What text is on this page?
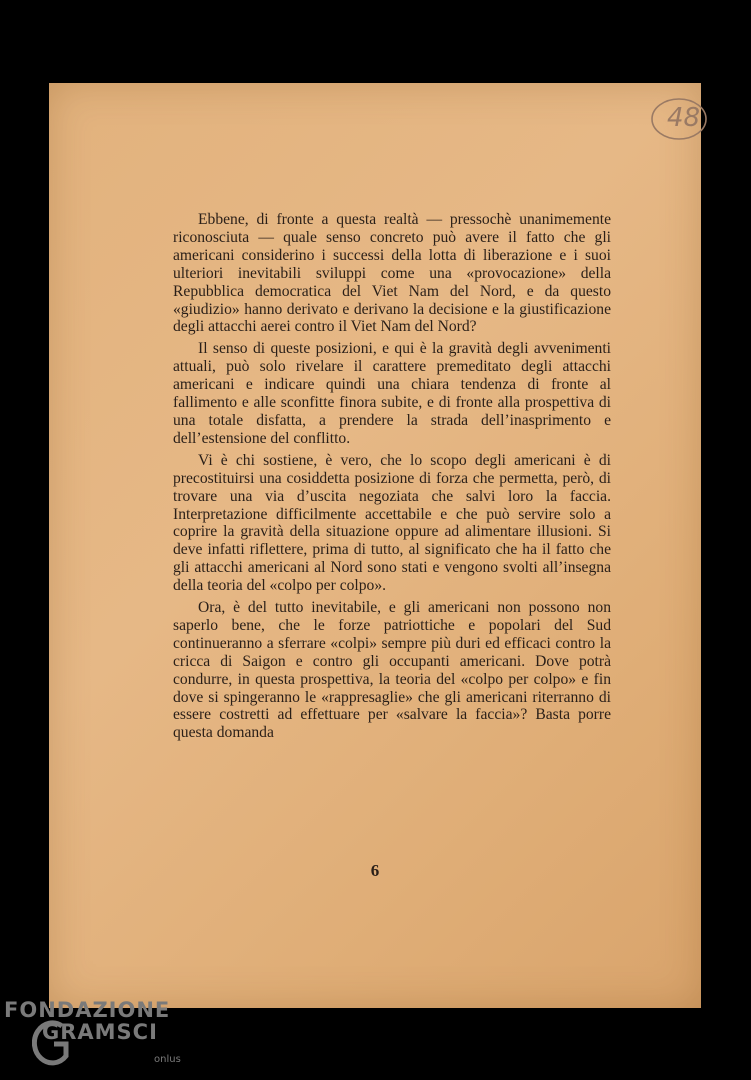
48

Ebbene, di fronte a questa realtà — pressochè unanimemente riconosciuta — quale senso concreto può avere il fatto che gli americani considerino i successi della lotta di liberazione e i suoi ulteriori inevitabili sviluppi come una «provocazione» della Repubblica democratica del Viet Nam del Nord, e da questo «giudizio» hanno derivato e derivano la decisione e la giustificazione degli attacchi aerei contro il Viet Nam del Nord?

Il senso di queste posizioni, e qui è la gravità degli avvenimenti attuali, può solo rivelare il carattere premeditato degli attacchi americani e indicare quindi una chiara tendenza di fronte al fallimento e alle sconfitte finora subite, e di fronte alla prospettiva di una totale disfatta, a prendere la strada dell’inasprimento e dell’estensione del conflitto.

Vi è chi sostiene, è vero, che lo scopo degli americani è di precostituirsi una cosiddetta posizione di forza che permetta, però, di trovare una via d’uscita negoziata che salvi loro la faccia. Interpretazione difficilmente accettabile e che può servire solo a coprire la gravità della situazione oppure ad alimentare illusioni. Si deve infatti riflettere, prima di tutto, al significato che ha il fatto che gli attacchi americani al Nord sono stati e vengono svolti all’insegna della teoria del «colpo per colpo».

Ora, è del tutto inevitabile, e gli americani non possono non saperlo bene, che le forze patriottiche e popolari del Sud continueranno a sferrare «colpi» sempre più duri ed efficaci contro la cricca di Saigon e contro gli occupanti americani. Dove potrà condurre, in questa prospettiva, la teoria del «colpo per colpo» e fin dove si spingeranno le «rappresaglie» che gli americani riterranno di essere costretti ad effettuare per «salvare la faccia»? Basta porre questa domanda

6
FONDAZIONE
GRAMSCI
onlus
